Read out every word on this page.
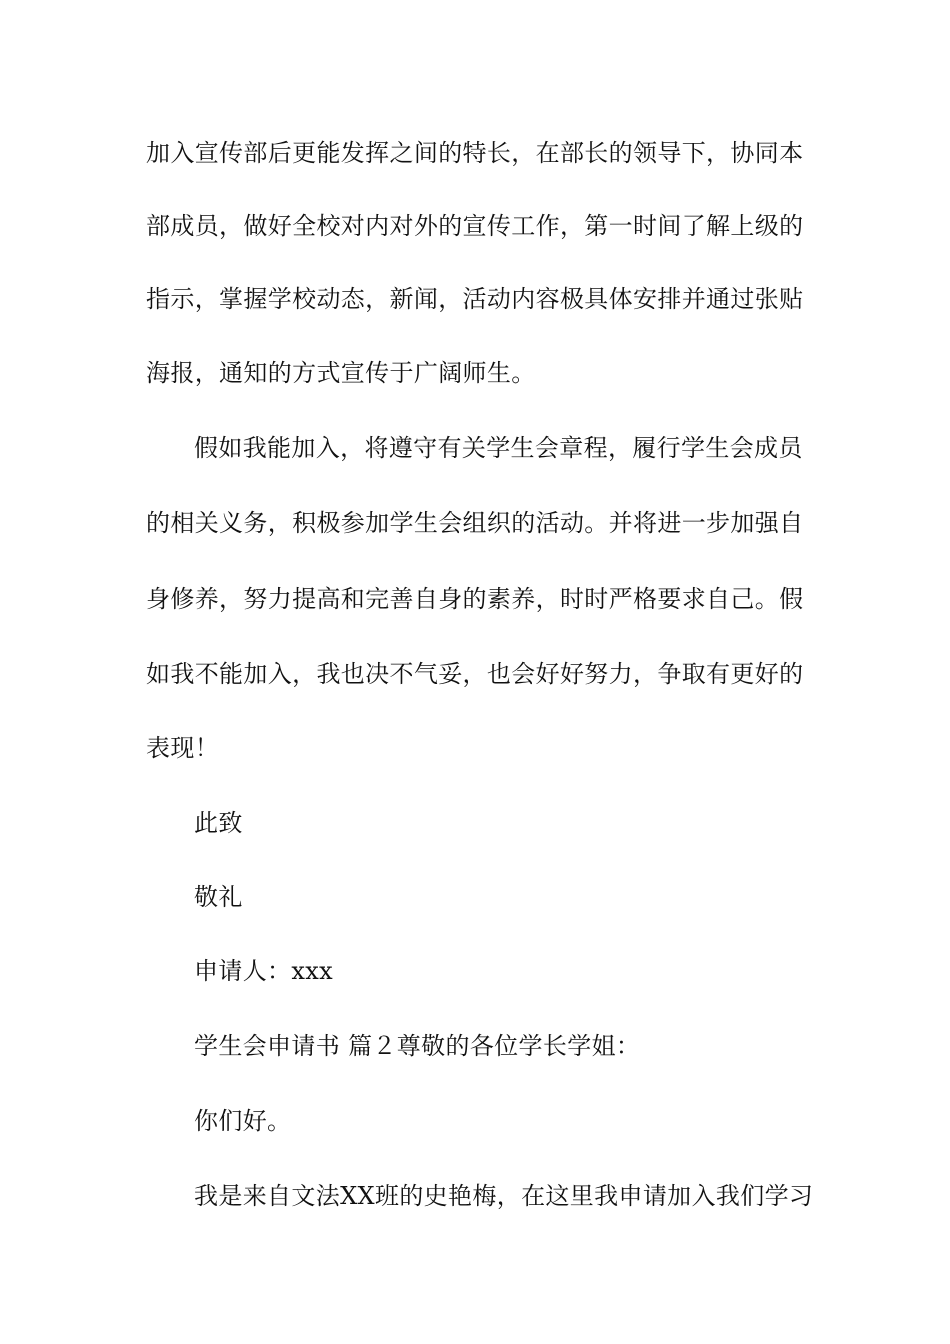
加入宣传部后更能发挥之间的特长，在部长的领导下，协同本
部成员，做好全校对内对外的宣传工作，第一时间了解上级的
指示，掌握学校动态，新闻，活动内容极具体安排并通过张贴
海报，通知的方式宣传于广阔师生。
假如我能加入，将遵守有关学生会章程，履行学生会成员
的相关义务，积极参加学生会组织的活动。并将进一步加强自
身修养，努力提高和完善自身的素养，时时严格要求自己。假
如我不能加入，我也决不气妥，也会好好努力，争取有更好的
表现！
此致
敬礼
申请人：xxx
学生会申请书 篇２尊敬的各位学长学姐：
你们好。
我是来自文法XX班的史艳梅，在这里我申请加入我们学习
